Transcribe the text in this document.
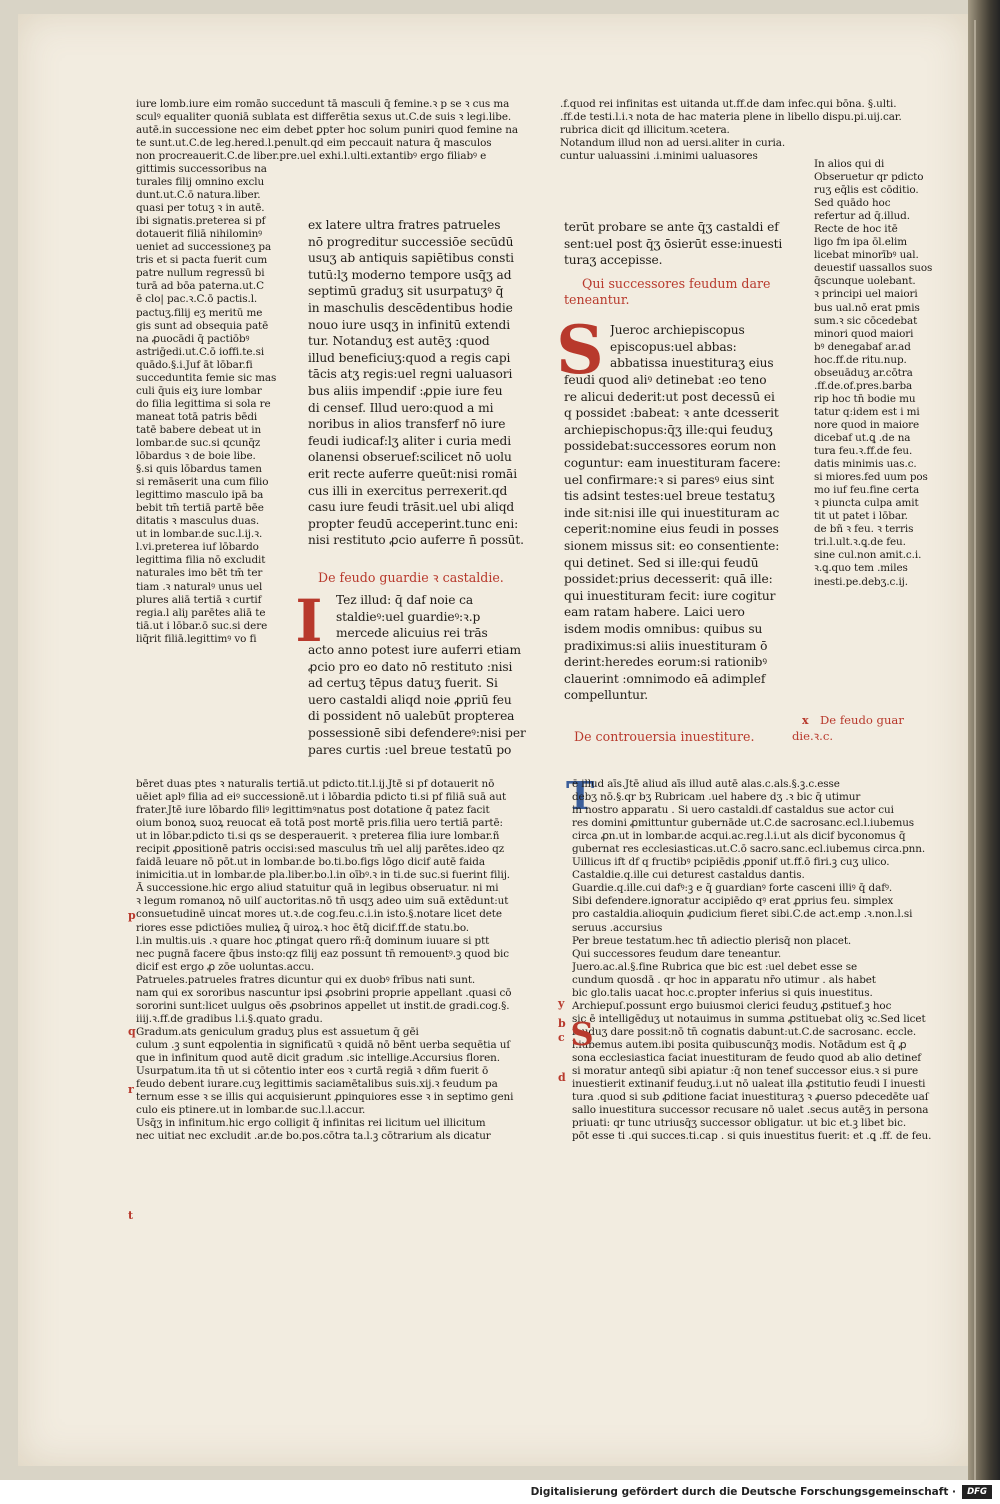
iure lomb.iure eim romāo succedunt tā masculi q̄ femine.ꝛ p se ꝛ cus ma
sculꝰ equaliter quoniā sublata est differētia sexus ut.C.de suis ꝛ legi.libe.
autē.in successione nec eim debet ꝑpter hoc solum puniri quod femine na
te sunt.ut.C.de leg.hered.l.penult.qd eim peccauit natura q̄ masculos
non procreauerit.C.de liber.pre.uel exhi.l.ulti.extantibꝰ ergo filiabꝰ e
gittimis successoribus na
turales filij omnino exclu
dunt.ut.C.ō natura.liber.
quasi per totuʒ ꝛ in autē.
ibi signatis.preterea si pf
dotauerit filiā nihilominꝰ
ueniet ad successioneʒ pa
tris et si pacta fuerit cum
patre nullum regressū bi
turā ad bōa paterna.ut.C
ē clo| pac.ꝛ.C.ō pactis.l.
pactuʒ.filij eʒ meritū me
gis sunt ad obsequia patē
na ꝓuocādi q̄ pactiōbꝰ
astriḡedi.ut.C.ō ioffi.te.si
quādo.§.i.Juf āt lōbar.fi
succeduntita femie sic mas
culi q̄uis eiʒ iure lombar
do filia legittima si sola re
maneat totā patris bēdi
tatē babere debeat ut in
lombar.de suc.si qcunq̄z
lōbardus ꝛ de boie libe.
§.si quis lōbardus tamen
si remāserit una cum filio
legittimo masculo ipā ba
bebit tm̄ tertiā partē bēe
ditatis ꝛ masculus duas.
ut in lombar.de suc.l.ij.ꝛ.
l.vi.preterea iuf lōbardo
legittima filia nō excludit
naturales imo bēt tm̄ ter
tiam .ꝛ naturalꝰ unus uel
plures aliā tertiā ꝛ curtif
regia.l aliȷ parētes aliā te
tiā.ut i lōbar.ō suc.si dere
liq̄rit filiā.legittimꝰ vo fi
ex latere ultra fratres patrueles
nō progreditur successiōe secūdū
usuʒ ab antiquis sapiētibus consti
tutū:lʒ moderno tempore usq̄ʒ ad
septimū graduʒ sit usurpatuʒꝰ q̄
in maschulis descēdentibus hodie
nouo iure usqʒ in infinitū extendi
tur. Notanduʒ est autēʒ :quod
illud beneficiuʒ:quod a regis capi
tācis atʒ regis:uel regni ualuasori
bus aliis impendif :ꝓpie iure feu
di censef. Illud uero:quod a mi
noribus in alios transferf nō iure
feudi iudicaf:lʒ aliter i curia medi
olanensi obseruef:scilicet nō uolu
erit recte auferre queūt:nisi romāi
cus illi in exercitus perrexerit.qd
casu iure feudi trāsit.uel ubi aliqd
propter feudū acceperint.tunc eni:
nisi restituto ꝓcio auferre n̄ possūt.
De feudo guardie ꝛ castaldie.
I	Tez illud: q̄ daf noie ca
staldieꝰ:uel guardieꝰ:ꝛ.p
mercede alicuius rei trās
acto anno potest iure auferri etiam
ꝓcio pro eo dato nō restituto :nisi
ad certuʒ tēpus datuʒ fuerit. Si
uero castaldi aliqd noie ꝓpriū feu
di possident nō ualebūt propterea
possessionē sibi defendereꝰ:nisi per
pares curtis :uel breue testatū po
.f.quod rei infinitas est uitanda ut.ff.de dam infec.qui bōna. §.ulti.
.ff.de testi.l.i.ꝛ nota de hac materia plene in libello dispu.pi.uij.car.
rubrica dicit qd illicitum.ꝛcetera.
Notandum illud non ad uersi.aliter in curia.
cuntur ualuassini .i.minimi ualuasores
terūt probare se ante q̄ʒ castaldi ef
sent:uel post q̄ʒ ōsierūt esse:inuesti
turaʒ accepisse.
Qui successores feudum dare
teneantur.
S Jueroc archiepiscopus
episcopus:uel abbas:
abbatissa inuestituraʒ eius
feudi quod aliꝰ detinebat :eo teno
re alicui dederit:ut post decessū ei
q possidet :babeat: ꝛ ante dcesserit
archiepischopus:q̄ʒ ille:qui feuduʒ
possidebat:successores eorum non
coguntur: eam inuestituram facere:
uel confirmare:ꝛ si paresꝰ eius sint
tis adsint testes:uel breue testatuʒ
inde sit:nisi ille qui inuestituram ac
ceperit:nomine eius feudi in posses
sionem missus sit: eo consentiente:
qui detinet. Sed si ille:qui feudū
possidet:prius decesserit: quā ille:
qui inuestituram fecit: iure cogitur
eam ratam habere. Laici uero
isdem modis omnibus: quibus su
pradiximus:si aliis inuestituram ō
derint:heredes eorum:si rationibꝰ
clauerint :omnimodo eā adimplef
compelluntur.
De controuersia inuestiture.
In alios qui di
Obseruetur qr pdicto
ruʒ eq̄lis est cōditio.
Sed quādo hoc
refertur ad q̄.illud.
Recte de hoc itē
ligo fm ipa ōl.elim
licebat minorībꝰ ual.
deuestif uassallos suos
q̄scunque uolebant.
ꝛ principi uel maiori
bus ual.nō erat pmis
sum.ꝛ sic cōcedebat
minori quod maiori
bꝰ denegabaf ar.ad
hoc.ff.de ritu.nup.
obseuāduʒ ar.cōtra
.ff.de.of.pres.barba
rip hoc tn̄ bodie mu
tatur q:idem est i mi
nore quod in maiore
dicebaf ut.ꝗ .de na
tura feu.ꝛ.ff.de feu.
datis minimis uas.c.
si miores.fed uum pos
mo iuf feu.fine certa
ꝛ piuncta culpa amit
tit ut patet i lōbar.
de bñ ꝛ feu. ꝛ terris
tri.l.ult.ꝛ.ꝗ.de feu.
sine cul.non amit.c.i.
ꝛ.ꝗ.quo tem .miles
inesti.pe.debʒ.c.ij.
De feudo guar
die.ꝛ.c.
bēret duas ptes ꝛ naturalis tertiā.ut pdicto.tit.l.ij.Jtē si pf dotauerit nō
uēiet aplꝰ filia ad eiꝰ successionē.ut i lōbardia pdicto ti.si pf filiā suā aut
frater.Jtē iure lōbardo filiꝰ legittimꝰnatus post dotatione q̄ patez facit
oium bonoꝝ suoꝝ reuocat eā totā post mortē pris.filia uero tertiā partē:
ut in lōbar.pdicto ti.si qs se desperauerit. ꝛ preterea filia iure lombar.ñ
recipit ꝓpositionē patris occisi:sed masculus tm̄ uel alij parētes.ideo qz
faidā leuare nō pōt.ut in lombar.de bo.ti.bo.figs lōgo dicif autē faida
inimicitia.ut in lombar.de pla.liber.bo.l.in oībꝰ.ꝛ in ti.de suc.si fuerint filij.
Ā successione.hic ergo aliud statuitur quā in legibus obseruatur. ni mi
ꝛ legum romanoꝝ nō uilſ auctoritas.nō tn̄ usqʒ adeo uim suā extēdunt:ut
consuetudinē uincat mores ut.ꝛ.de cog.feu.c.i.in isto.§.notare licet dete
riores esse pdictiōes mulieꝝ q̄ uiroꝝ.ꝛ hoc ētq̄ dicif.ff.de statu.bo.
l.in multis.uis .ꝛ quare hoc ꝓtingat quero rñ:q̄ dominum iuuare si ptt
nec pugnā facere q̄bus insto:qz filij eaz possunt tn̄ remouentꝰ.ꝫ quod bic
dicif est ergo ꝓ zōe uoluntas.accu.
Patrueles.patrueles fratres dicuntur qui ex duobꝰ frībus nati sunt.
nam qui ex sororibus nascuntur ipsi ꝓsobrini proprie appellant .quasi cō
sororini sunt:licet uulgus oēs ꝓsobrinos appellet ut instit.de gradi.cog.§.
iiij.ꝛ.ff.de gradibus l.i.§.quato gradu.
Gradum.ats geniculum graduʒ plus est assuetum q̄ gēi
culum .ꝫ sunt eqpolentia in significatū ꝛ quidā nō bēnt uerba sequētia uſ
que in infinitum quod autē dicit gradum .sic intellige.Accursius floren.
Usurpatum.ita tn̄ ut si cōtentio inter eos ꝛ curtā regiā ꝛ dñm fuerit ō
feudo debent iurare.cuʒ legittimis saciamētalibus suis.xij.ꝛ feudum pa
ternum esse ꝛ se illis qui acquisierunt ꝓpinquiores esse ꝛ in septimo geni
culo eis ptinere.ut in lombar.de suc.l.l.accur.
Usq̄ʒ in infinitum.hic ergo colligit q̄ infinitas rei licitum uel illicitum
nec uitiat nec excludit .ar.de bo.pos.cōtra ta.l.ꝫ cōtrarium als dicatur
T
ē illud aīs.Jtē aliud aīs illud autē alas.c.als.§.ꝫ.c.esse
debʒ nō.§.qr bʒ Rubricam .uel habere dʒ .ꝛ bic q̄ utimur
in nostro apparatu . Si uero castaldi.df castaldus sue actor cui
res domini ꝓmittuntur gubernāde ut.C.de sacrosanc.ecl.l.iubemus
circa ꝓn.ut in lombar.de acqui.ac.reg.l.i.ut als dicif byconomus q̄
gubernat res ecclesiasticas.ut.C.ō sacro.sanc.ecl.iubemus circa.pnn.
Uillicus ift df q fructibꝰ pcipiēdis ꝓponif ut.ff.ō firi.ꝫ cuʒ ulico.
Castaldie.q.ille cui deturest castaldus dantis.
Guardie.q.ille.cui dafꝰ:ꝫ e q̄ guardianꝰ forte casceni illiꝰ q̄ dafꝰ.
Sibi defendere.ignoratur accipiēdo qꝰ erat ꝓprius feu. simplex
pro castaldia.alioquin ꝓudicium fieret sibi.C.de act.emp .ꝛ.non.l.si
seruus .accursius
Per breue testatum.hec tn̄ adiectio plerisq̄ non placet.
Qui successores feudum dare teneantur.
Juero.ac.al.§.fine Rubrica que bic est :uel debet esse se
cundum quosdā . qr hoc in apparatu nr̄o utimur . als habet
bic glo.talis uacat hoc.c.propter inferius si quis inuestitus.
Archiepuſ.possunt ergo buiusmoi clerici feuduʒ ꝓstituef.ꝫ hoc
sic ē intelligēduʒ ut notauimus in summa ꝓstituebat oliʒ ꝛc.Sed licet
feuduʒ dare possit:nō tn̄ cognatis dabunt:ut.C.de sacrosanc. eccle.
l.iubemus autem.ibi posita quibuscunq̄ʒ modis. Notādum est q̄ ꝓ
sona ecclesiastica faciat inuestituram de feudo quod ab alio detinef
si moratur anteqū sibi apiatur :q̄ non tenef successor eius.ꝛ si pure
inuestierit extinanif feuduʒ.i.ut nō ualeat illa ꝓstitutio feudi I inuesti
tura .quod si sub ꝓditione faciat inuestituraʒ ꝛ ꝓuerso pdecedēte uaſ
sallo inuestitura successor recusare nō ualet .secus autēʒ in persona
priuati: qr tunc utriusq̄ʒ successor obligatur. ut bic et.ꝫ libet bic.
pōt esse ti .qui succes.ti.cap . si quis inuestitus fuerit: et .ꝗ .ff. de feu.
S
x
p
q
r
t
y
b
c
d
Digitalisierung gefördert durch die Deutsche Forschungsgemeinschaft ·	DFG
